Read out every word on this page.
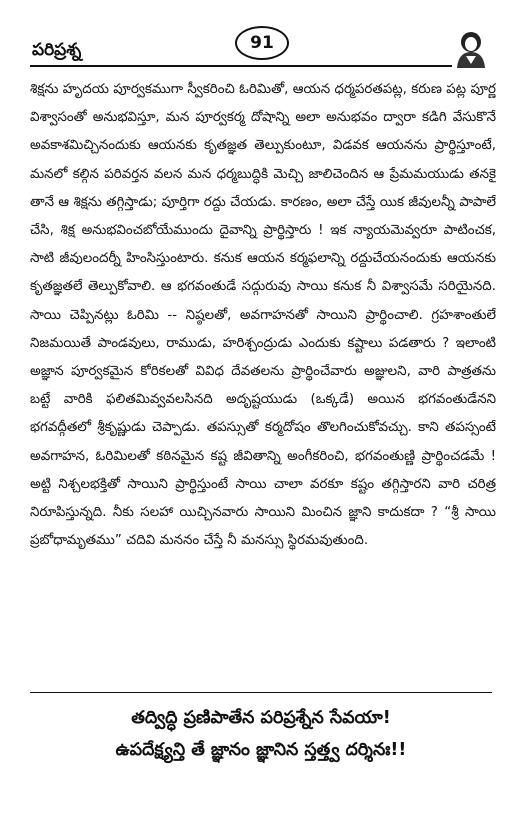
పరిప్రశ్న	91

శిక్షను హృదయ పూర్వకముగా స్వీకరించి ఓరిమితో, ఆయన ధర్మపరతపట్ల, కరుణ పట్ల పూర్ణ విశ్వాసంతో అనుభవిస్తూ, మన పూర్వకర్మ దోషాన్ని అలా అనుభవం ద్వారా కడిగి వేసుకొనే అవకాశమిచ్చినందుకు ఆయనకు కృతజ్ఞత తెల్పుకుంటూ, విడవక ఆయనను ప్రార్థిస్తూంటే, మనలో కల్గిన పరివర్తన వలన మన ధర్మబుద్ధికి మెచ్చి జాలిచెందిన ఆ ప్రేమమయుడు తనకై తానే ఆ శిక్షను తగ్గిస్తాడు; పూర్తిగా రద్దు చేయడు. కారణం, అలా చేస్తే యిక జీవులన్నీ పాపాలే చేసి, శిక్ష అనుభవించబోయేముందు దైవాన్ని ప్రార్థిస్తారు ! ఇక న్యాయమెవ్వరూ పాటించక, సాటి జీవులందర్నీ హింసిస్తుంటారు. కనుక ఆయన కర్మఫలాన్ని రద్దుచేయనందుకు ఆయనకు కృతజ్ఞతలే తెల్పుకోవాలి. ఆ భగవంతుడే సద్గురువు సాయి కనుక నీ విశ్వాసమే సరియైనది. సాయి చెప్పినట్లు ఓరిమి -- నిష్ఠలతో, అవగాహనతో సాయిని ప్రార్థించాలి. గ్రహశాంతులే నిజమయితే పాండవులు, రాముడు, హరిశ్చంద్రుడు ఎందుకు కష్టాలు పడతారు ? ఇలాంటి అజ్ఞాన పూర్వకమైన కోరికలతో వివిధ దేవతలను ప్రార్థించేవారు అజ్ఞులని, వారి పాత్రతను బట్టే వారికి ఫలితమివ్వవలసినది అదృష్టయుడు (ఒక్కడే) అయిన భగవంతుడేనని భగవద్గీతలో శ్రీకృష్ణుడు చెప్పాడు. తపస్సుతో కర్మదోషం తొలగించుకోవచ్చు. కాని తపస్సంటే అవగాహన, ఓరిమిలతో కఠినమైన కష్ట జీవితాన్ని అంగీకరించి, భగవంతుణ్ణి ప్రార్థించడమే ! అట్టి నిశ్చలభక్తితో సాయిని ప్రార్థిస్తుంటే సాయి చాలా వరకూ కష్టం తగ్గిస్తారని వారి చరిత్ర నిరూపిస్తున్నది. నీకు సలహా యిచ్చినవారు సాయిని మించిన జ్ఞాని కాదుకదా ? “శ్రీ సాయి ప్రబోధామృతము” చదివి మననం చేస్తే నీ మనస్సు స్థిరమవుతుంది.

తద్విద్ధి ప్రణిపాతేన పరిప్రశ్నేన సేవయా!
ఉపదేక్ష్యన్తి తే జ్ఞానం జ్ఞానిన స్తత్త్వ దర్శినః!!
